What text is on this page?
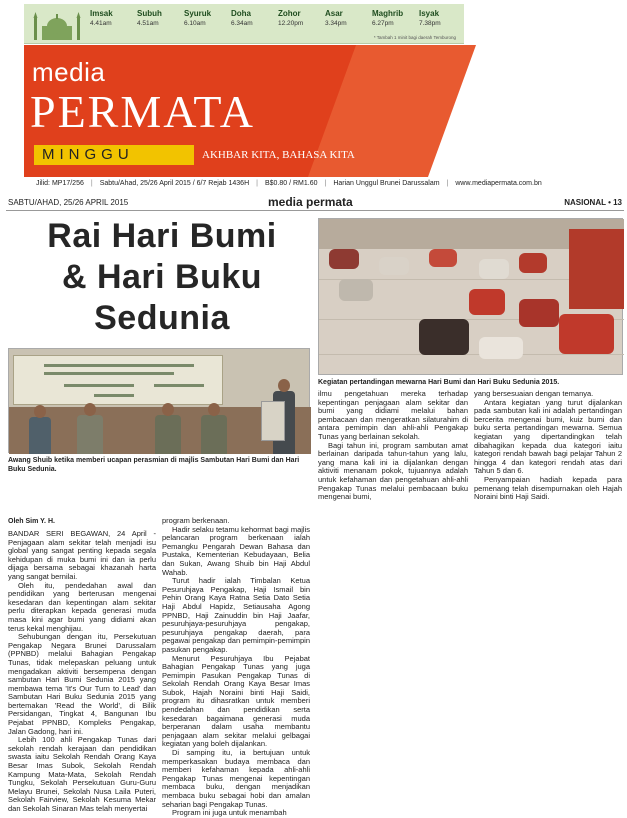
Imsak
4.41am
Subuh
4.51am
Syuruk
6.10am
Doha
6.34am
Zohor
12.20pm
Asar
3.34pm
Maghrib
6.27pm
Isyak
7.38pm
* Tambah 1 minit bagi daerah Temburong
media
PERMATA
MINGGU	AKHBAR KITA, BAHASA KITA
Jilid: MP17/256 | Sabtu/Ahad, 25/26 April 2015 / 6/7 Rejab 1436H | B$0.80 / RM1.60 | Harian Unggul Brunei Darussalam | www.mediapermata.com.bn
SABTU/AHAD, 25/26 APRIL 2015	media permata	NASIONAL • 13
Rai Hari Bumi
& Hari Buku
Sedunia
Awang Shuib ketika memberi ucapan perasmian di majlis Sambutan Hari Bumi dan Hari Buku Sedunia.
Kegiatan pertandingan mewarna Hari Bumi dan Hari Buku Sedunia 2015.
Oleh Sim Y. H.

BANDAR SERI BEGAWAN, 24 April - Penjagaan alam sekitar telah menjadi isu global yang sangat penting kepada segala kehidupan di muka bumi ini dan ia perlu dijaga bersama sebagai khazanah harta yang sangat bernilai.

Oleh itu, pendedahan awal dan pendidikan yang berterusan mengenai kesedaran dan kepentingan alam sekitar perlu diterapkan kepada generasi muda masa kini agar bumi yang didiami akan terus kekal menghijau.

Sehubungan dengan itu, Persekutuan Pengakap Negara Brunei Darussalam (PPNBD) melalui Bahagian Pengakap Tunas, tidak melepaskan peluang untuk mengadakan aktiviti bersempena dengan sambutan Hari Bumi Sedunia 2015 yang membawa tema 'It's Our Turn to Lead' dan Sambutan Hari Buku Sedunia 2015 yang bertemakan 'Read the World', di Bilik Persidangan, Tingkat 4, Bangunan Ibu Pejabat PPNBD, Kompleks Pengakap, Jalan Gadong, hari ini.

Lebih 100 ahli Pengakap Tunas dari sekolah rendah kerajaan dan pendidikan swasta iaitu Sekolah Rendah Orang Kaya Besar Imas Subok, Sekolah Rendah Kampung Mata-Mata, Sekolah Rendah Tungku, Sekolah Persekutuan Guru-Guru Melayu Brunei, Sekolah Nusa Laila Puteri, Sekolah Fairview, Sekolah Kesuma Mekar dan Sekolah Sinaran Mas telah menyertai

program berkenaan.

Hadir selaku tetamu kehormat bagi majlis pelancaran program berkenaan ialah Pemangku Pengarah Dewan Bahasa dan Pustaka, Kementerian Kebudayaan, Belia dan Sukan, Awang Shuib bin Haji Abdul Wahab.

Turut hadir ialah Timbalan Ketua Pesuruhjaya Pengakap, Haji Ismail bin Pehin Orang Kaya Ratna Setia Dato Setia Haji Abdul Hapidz, Setiausaha Agong PPNBD, Haji Zainuddin bin Haji Jaafar, pesuruhjaya-pesuruhjaya pengakap, pesuruhjaya pengakap daerah, para pegawai pengakap dan pemimpin-pemimpin pasukan pengakap.

Menurut Pesuruhjaya Ibu Pejabat Bahagian Pengakap Tunas yang juga Pemimpin Pasukan Pengakap Tunas di Sekolah Rendah Orang Kaya Besar Imas Subok, Hajah Noraini binti Haji Saidi, program itu dihasratkan untuk memberi pendedahan dan pendidikan serta kesedaran bagaimana generasi muda berperanan dalam usaha membantu penjagaan alam sekitar melalui gelbagai kegiatan yang boleh dijalankan.

Di samping itu, ia bertujuan untuk memperkasakan budaya membaca dan memberi kefahaman kepada ahli-ahli Pengakap Tunas mengenai kepentingan membaca buku, dengan menjadikan membaca buku sebagai hobi dan amalan seharian bagi Pengakap Tunas.

Program ini juga untuk menambah

ilmu pengetahuan mereka terhadap kepentingan penjagaan alam sekitar dan bumi yang didiami melalui bahan pembacaan dan mengeratkan silaturahim di antara pemimpin dan ahli-ahli Pengakap Tunas yang berlainan sekolah.

Bagi tahun ini, program sambutan amat berlainan daripada tahun-tahun yang lalu, yang mana kali ini ia dijalankan dengan aktiviti menanam pokok, tujuannya adalah untuk kefahaman dan pengetahuan ahli-ahli Pengakap Tunas melalui pembacaan buku mengenai bumi,

yang bersesuaian dengan temanya.

Antara kegiatan yang turut dijalankan pada sambutan kali ini adalah pertandingan bercerita mengenai bumi, kuiz bumi dan buku serta pertandingan mewarna. Semua kegiatan yang dipertandingkan telah dibahagikan kepada dua kategori iaitu kategori rendah bawah bagi pelajar Tahun 2 hingga 4 dan kategori rendah atas dari Tahun 5 dan 6.

Penyampaian hadiah kepada para pemenang telah disempurnakan oleh Hajah Noraini binti Haji Saidi.
